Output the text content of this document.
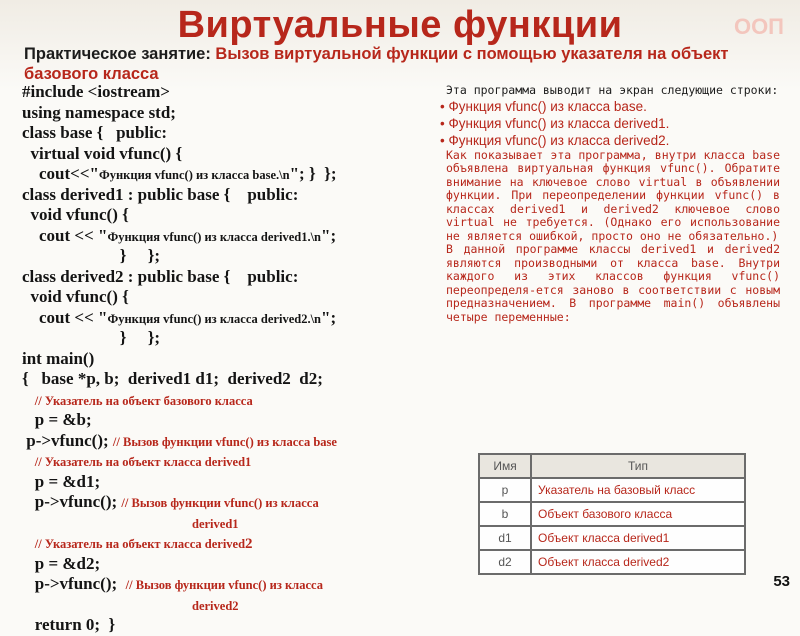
Виртуальные функции	ООП
Практическое занятие: Вызов виртуальной функции с помощью указателя на объект базового класса
#include <iostream>
using namespace std;
class base {   public:
virtual void vfunc() {
cout<<"Функция vfunc() из класса base.\n"; }  };
class derived1 : public base {    public:
void vfunc() {
cout << "Функция vfunc() из класса derived1.\n";
}     };
class derived2 : public base {    public:
void vfunc() {
cout << "Функция vfunc() из класса derived2.\n";
}     };
int main()
{   base *p, b;  derived1 d1;  derived2  d2;
// Указатель на объект базового класса
p = &b;
p->vfunc(); // Вызов функции vfunc() из класса base
// Указатель на объект класса derived1
p = &d1;
p->vfunc(); // Вызов функции vfunc() из класса
derived1
// Указатель на объект класса derived2
p = &d2;
p->vfunc();  // Вызов функции vfunc() из класса
derived2
return 0;  }
Эта программа выводит на экран следующие строки:
• Функция vfunc() из класса base.
• Функция vfunc() из класса derived1.
• Функция vfunc() из класса derived2.
Как показывает эта программа, внутри класса base объявлена виртуальная функция vfunc(). Обратите внимание на ключевое слово virtual в объявлении функции. При переопределении функции vfunc() в классах derived1 и derived2 ключевое слово virtual не требуется. (Однако его использование не является ошибкой, просто оно не обязательно.)
В данной программе классы derived1 и derived2 являются производными от класса base. Внутри каждого из этих классов функция vfunc() переопределя-ется заново в соответствии с новым предназначением. В программе main() объявлены четыре переменные:
Имя	Тип
p	Указатель на базовый класс
b	Объект базового класса
d1	Объект класса derived1
d2	Объект класса derived2
53
